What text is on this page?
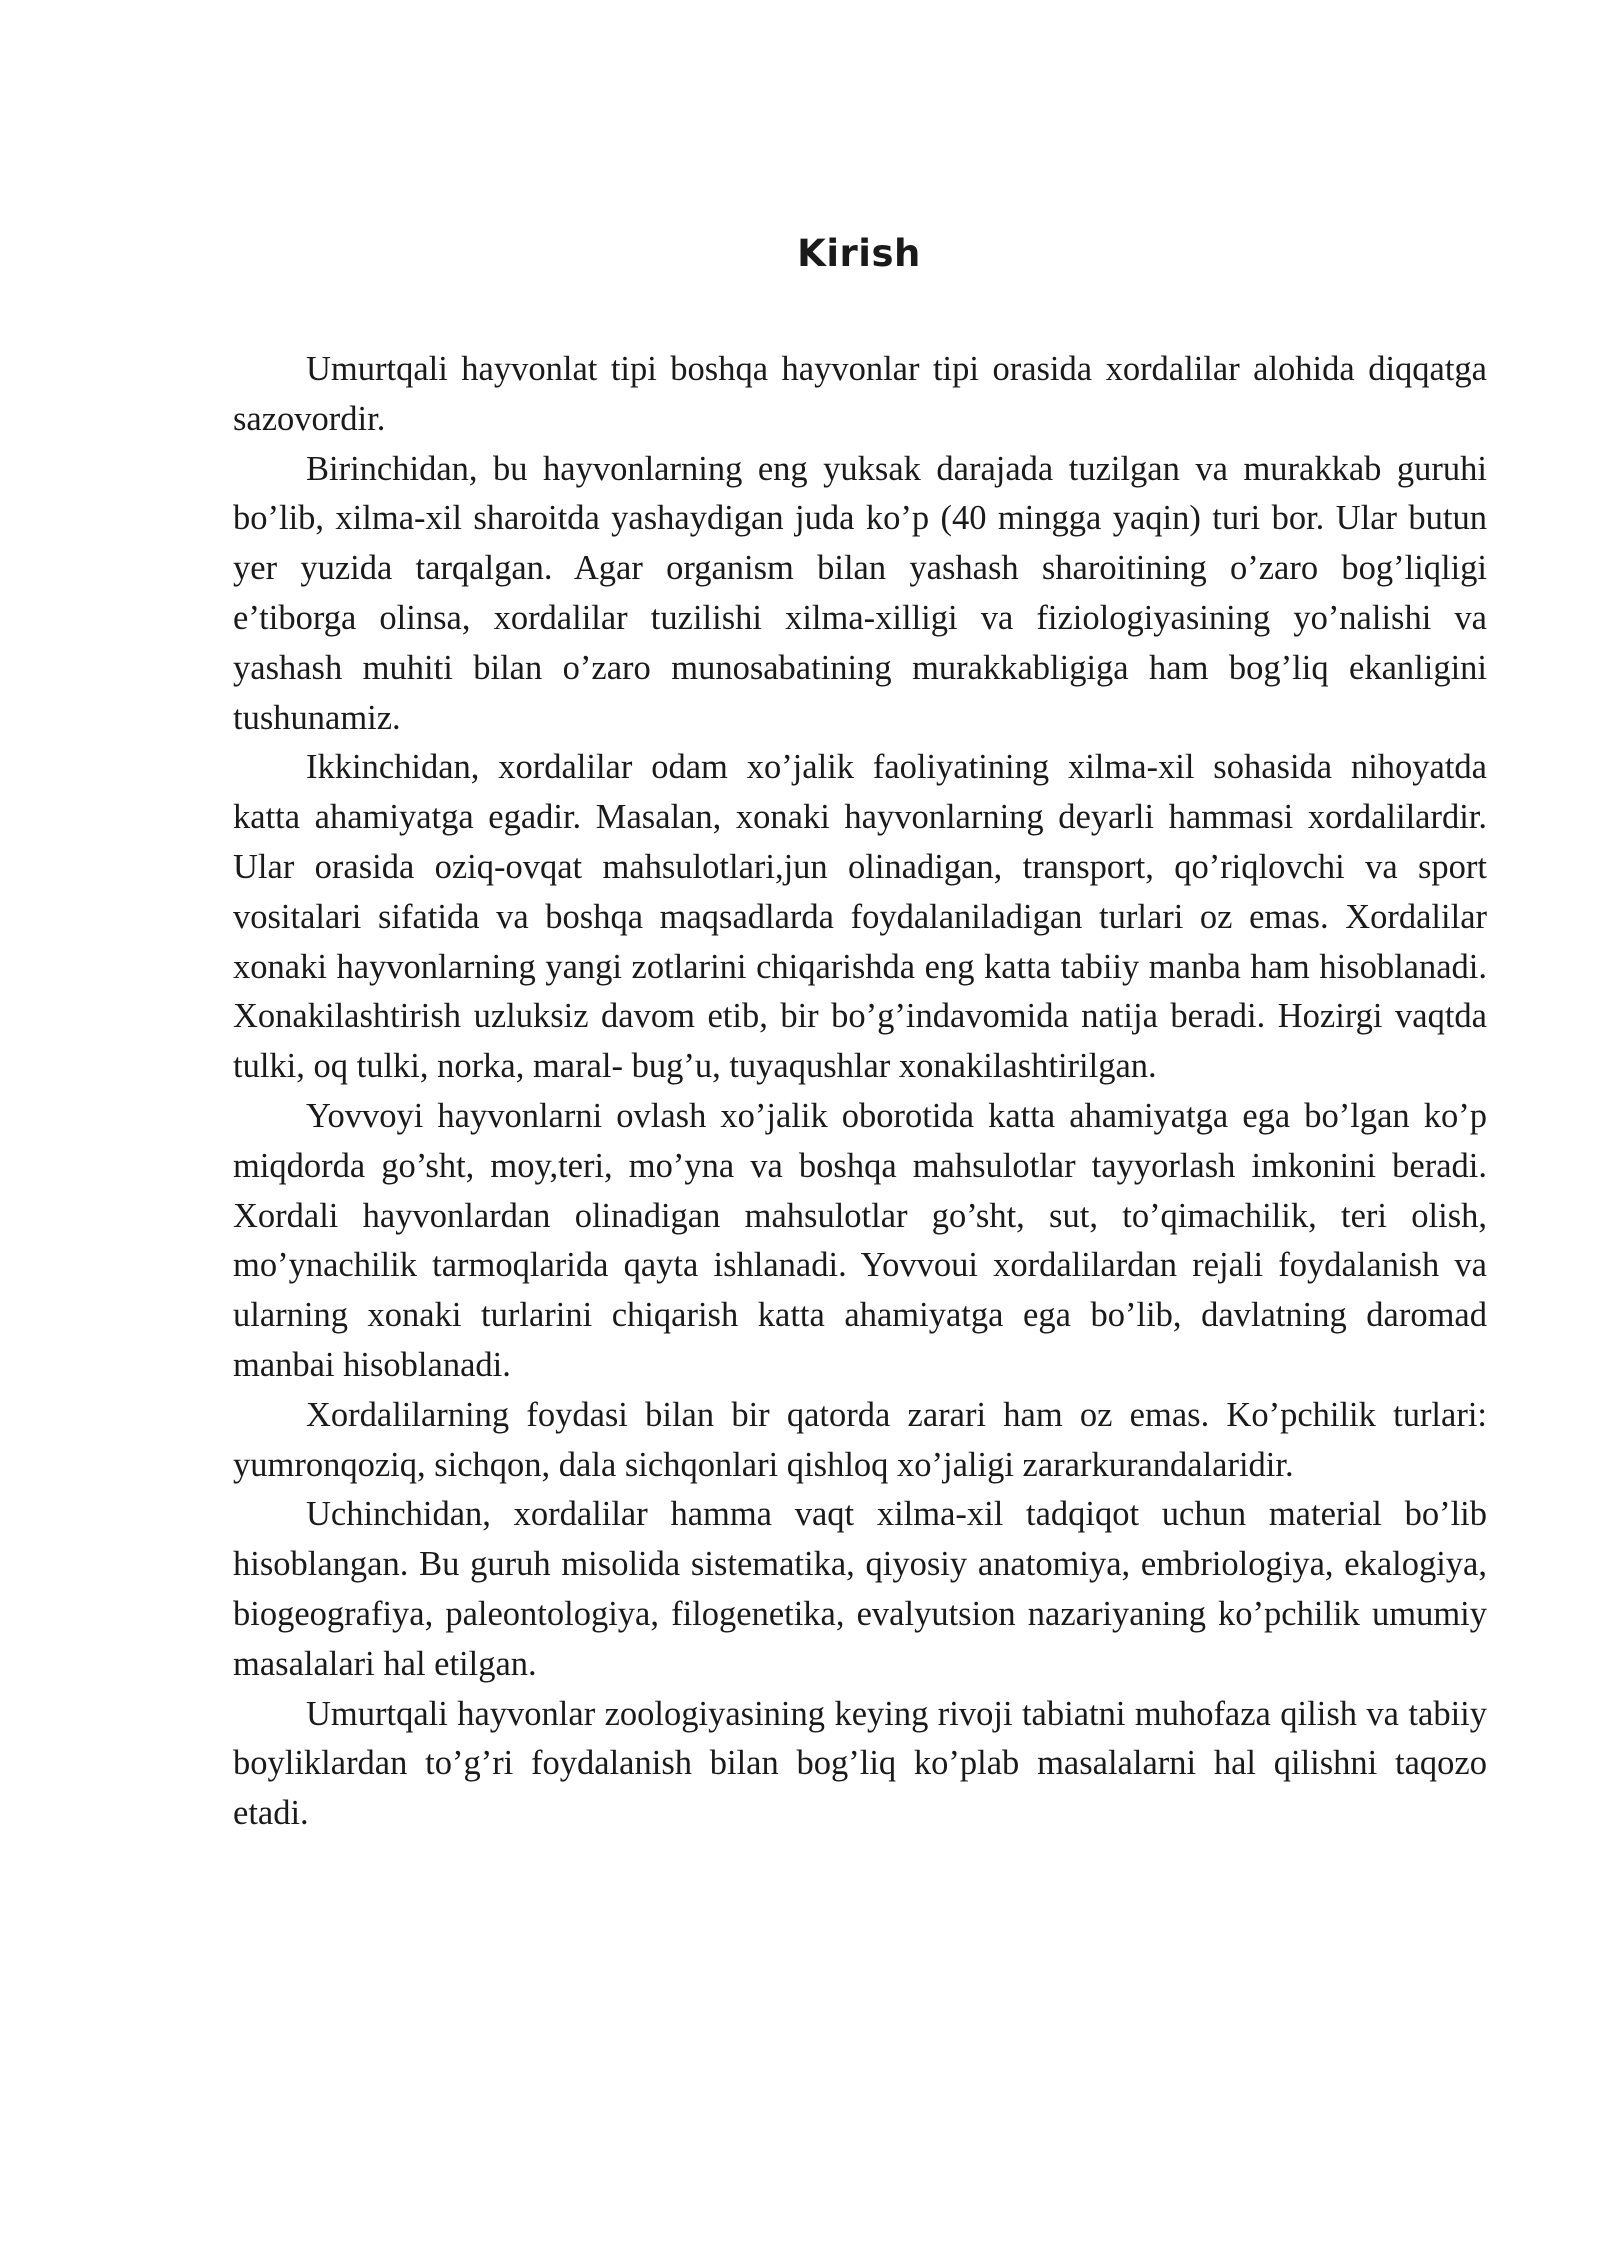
Kirish

Umurtqali hayvonlat tipi boshqa hayvonlar tipi orasida xordalilar alohida diqqatga sazovordir.

Birinchidan, bu hayvonlarning eng yuksak darajada tuzilgan va murakkab guruhi bo’lib, xilma-xil sharoitda yashaydigan juda ko’p (40 mingga yaqin) turi bor. Ular butun yer yuzida tarqalgan. Agar organism bilan yashash sharoitining o’zaro bog’liqligi e’tiborga olinsa, xordalilar tuzilishi xilma-xilligi va fiziologiyasining yo’nalishi va yashash muhiti bilan o’zaro munosabatining murakkabligiga ham bog’liq ekanligini tushunamiz.

Ikkinchidan, xordalilar odam xo’jalik faoliyatining xilma-xil sohasida nihoyatda katta ahamiyatga egadir. Masalan, xonaki hayvonlarning deyarli hammasi xordalilardir. Ular orasida oziq-ovqat mahsulotlari,jun olinadigan, transport, qo’riqlovchi va sport vositalari sifatida va boshqa maqsadlarda foydalaniladigan turlari oz emas. Xordalilar xonaki hayvonlarning yangi zotlarini chiqarishda eng katta tabiiy manba ham hisoblanadi. Xonakilashtirish uzluksiz davom etib, bir bo’g’indavomida natija beradi. Hozirgi vaqtda tulki, oq tulki, norka, maral- bug’u, tuyaqushlar xonakilashtirilgan.

Yovvoyi hayvonlarni ovlash xo’jalik oborotida katta ahamiyatga ega bo’lgan ko’p miqdorda go’sht, moy,teri, mo’yna va boshqa mahsulotlar tayyorlash imkonini beradi. Xordali hayvonlardan olinadigan mahsulotlar go’sht, sut, to’qimachilik, teri olish, mo’ynachilik tarmoqlarida qayta ishlanadi. Yovvoui xordalilardan rejali foydalanish va ularning xonaki turlarini chiqarish katta ahamiyatga ega bo’lib, davlatning daromad manbai hisoblanadi.

Xordalilarning foydasi bilan bir qatorda zarari ham oz emas. Ko’pchilik turlari: yumronqoziq, sichqon, dala sichqonlari qishloq xo’jaligi zararkurandalaridir.

Uchinchidan, xordalilar hamma vaqt xilma-xil tadqiqot uchun material bo’lib hisoblangan. Bu guruh misolida sistematika, qiyosiy anatomiya, embriologiya, ekalogiya, biogeografiya, paleontologiya, filogenetika, evalyutsion nazariyaning ko’pchilik umumiy masalalari hal etilgan.

Umurtqali hayvonlar zoologiyasining keying rivoji tabiatni muhofaza qilish va tabiiy boyliklardan to’g’ri foydalanish bilan bog’liq ko’plab masalalarni hal qilishni taqozo etadi.
